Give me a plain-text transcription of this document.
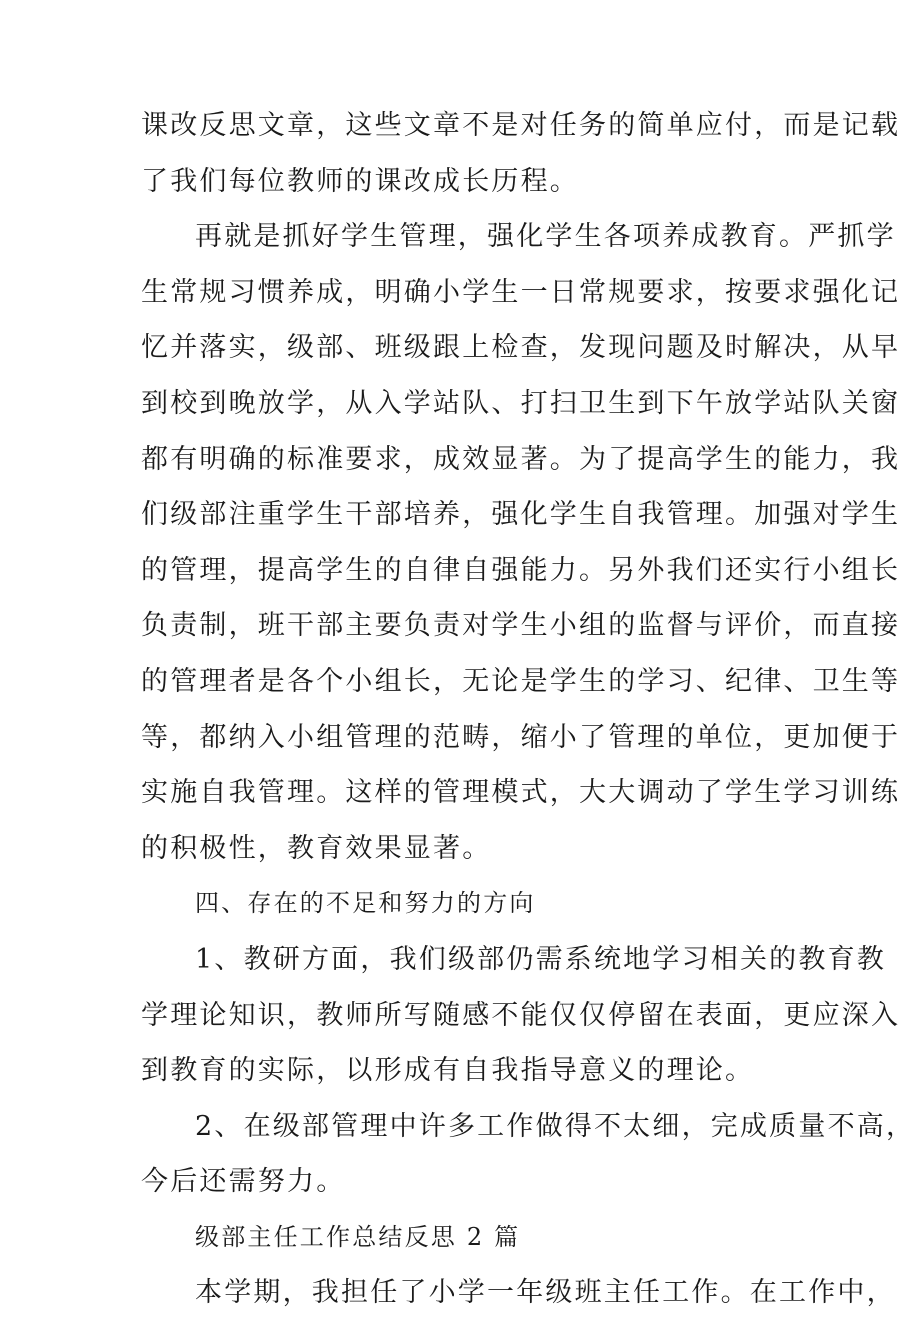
课改反思文章，这些文章不是对任务的简单应付，而是记载
了我们每位教师的课改成长历程。
再就是抓好学生管理，强化学生各项养成教育。严抓学
生常规习惯养成，明确小学生一日常规要求，按要求强化记
忆并落实，级部、班级跟上检查，发现问题及时解决，从早
到校到晚放学，从入学站队、打扫卫生到下午放学站队关窗
都有明确的标准要求，成效显著。为了提高学生的能力，我
们级部注重学生干部培养，强化学生自我管理。加强对学生
的管理，提高学生的自律自强能力。另外我们还实行小组长
负责制，班干部主要负责对学生小组的监督与评价，而直接
的管理者是各个小组长，无论是学生的学习、纪律、卫生等
等，都纳入小组管理的范畴，缩小了管理的单位，更加便于
实施自我管理。这样的管理模式，大大调动了学生学习训练
的积极性，教育效果显著。
四、存在的不足和努力的方向
1、教研方面，我们级部仍需系统地学习相关的教育教
学理论知识，教师所写随感不能仅仅停留在表面，更应深入
到教育的实际，以形成有自我指导意义的理论。
2、在级部管理中许多工作做得不太细，完成质量不高，
今后还需努力。
级部主任工作总结反思 2 篇
本学期，我担任了小学一年级班主任工作。在工作中，
